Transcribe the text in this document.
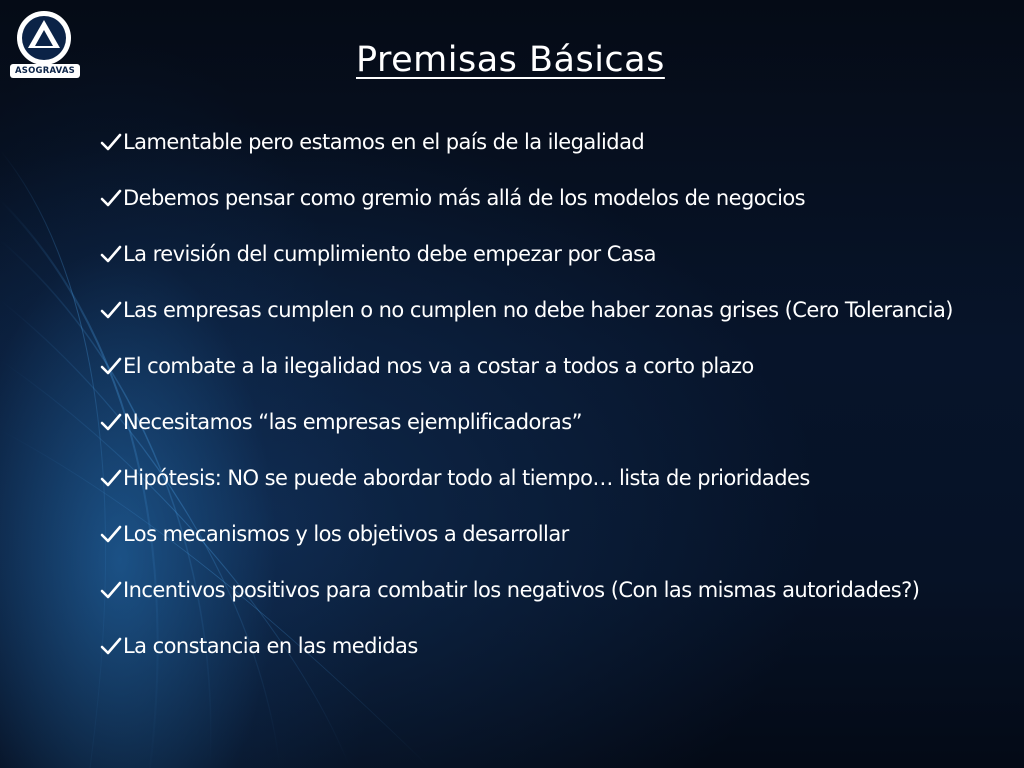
ASOGRAVAS	Premisas Básicas
Lamentable pero estamos en el país de la ilegalidad
Debemos pensar como gremio más allá de los modelos de negocios
La revisión del cumplimiento debe empezar por Casa
Las empresas cumplen o no cumplen no debe haber zonas grises (Cero Tolerancia)
El combate a la ilegalidad nos va a costar a todos a corto plazo
Necesitamos “las empresas ejemplificadoras”
Hipótesis: NO se puede abordar todo al tiempo… lista de prioridades
Los mecanismos y los objetivos a desarrollar
Incentivos positivos para combatir los negativos (Con las mismas autoridades?)
La constancia en las medidas
